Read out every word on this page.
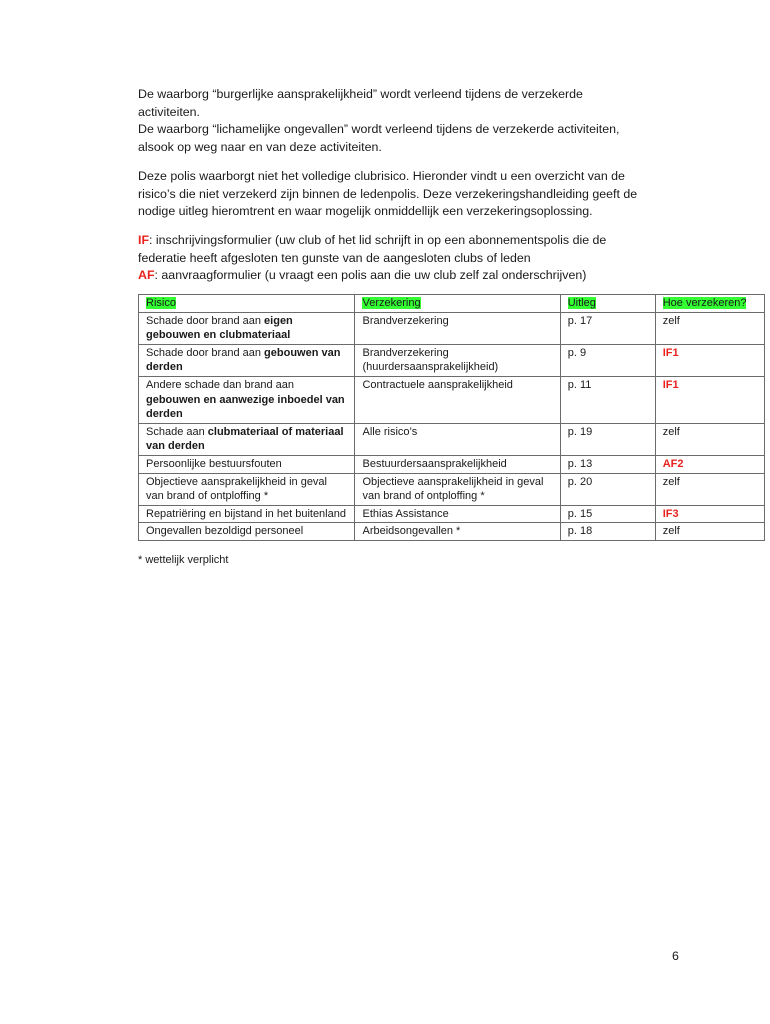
De waarborg “burgerlijke aansprakelijkheid” wordt verleend tijdens de verzekerde
activiteiten.
De waarborg “lichamelijke ongevallen” wordt verleend tijdens de verzekerde activiteiten,
alsook op weg naar en van deze activiteiten.

Deze polis waarborgt niet het volledige clubrisico. Hieronder vindt u een overzicht van de
risico’s die niet verzekerd zijn binnen de ledenpolis. Deze verzekeringshandleiding geeft de
nodige uitleg hieromtrent en waar mogelijk onmiddellijk een verzekeringsoplossing.

IF: inschrijvingsformulier (uw club of het lid schrijft in op een abonnementspolis die de
federatie heeft afgesloten ten gunste van de aangesloten clubs of leden
AF: aanvraagformulier (u vraagt een polis aan die uw club zelf zal onderschrijven)

Risico	Verzekering	Uitleg	Hoe verzekeren?
Schade door brand aan eigen gebouwen en clubmateriaal	Brandverzekering	p. 17	zelf
Schade door brand aan gebouwen van derden	Brandverzekering (huurdersaansprakelijkheid)	p. 9	IF1
Andere schade dan brand aan gebouwen en aanwezige inboedel van derden	Contractuele aansprakelijkheid	p. 11	IF1
Schade aan clubmateriaal of materiaal van derden	Alle risico’s	p. 19	zelf
Persoonlijke bestuursfouten	Bestuurdersaansprakelijkheid	p. 13	AF2
Objectieve aansprakelijkheid in geval van brand of ontploffing *	Objectieve aansprakelijkheid in geval van brand of ontploffing *	p. 20	zelf
Repatriëring en bijstand in het buitenland	Ethias Assistance	p. 15	IF3
Ongevallen bezoldigd personeel	Arbeidsongevallen *	p. 18	zelf
* wettelijk verplicht
6
